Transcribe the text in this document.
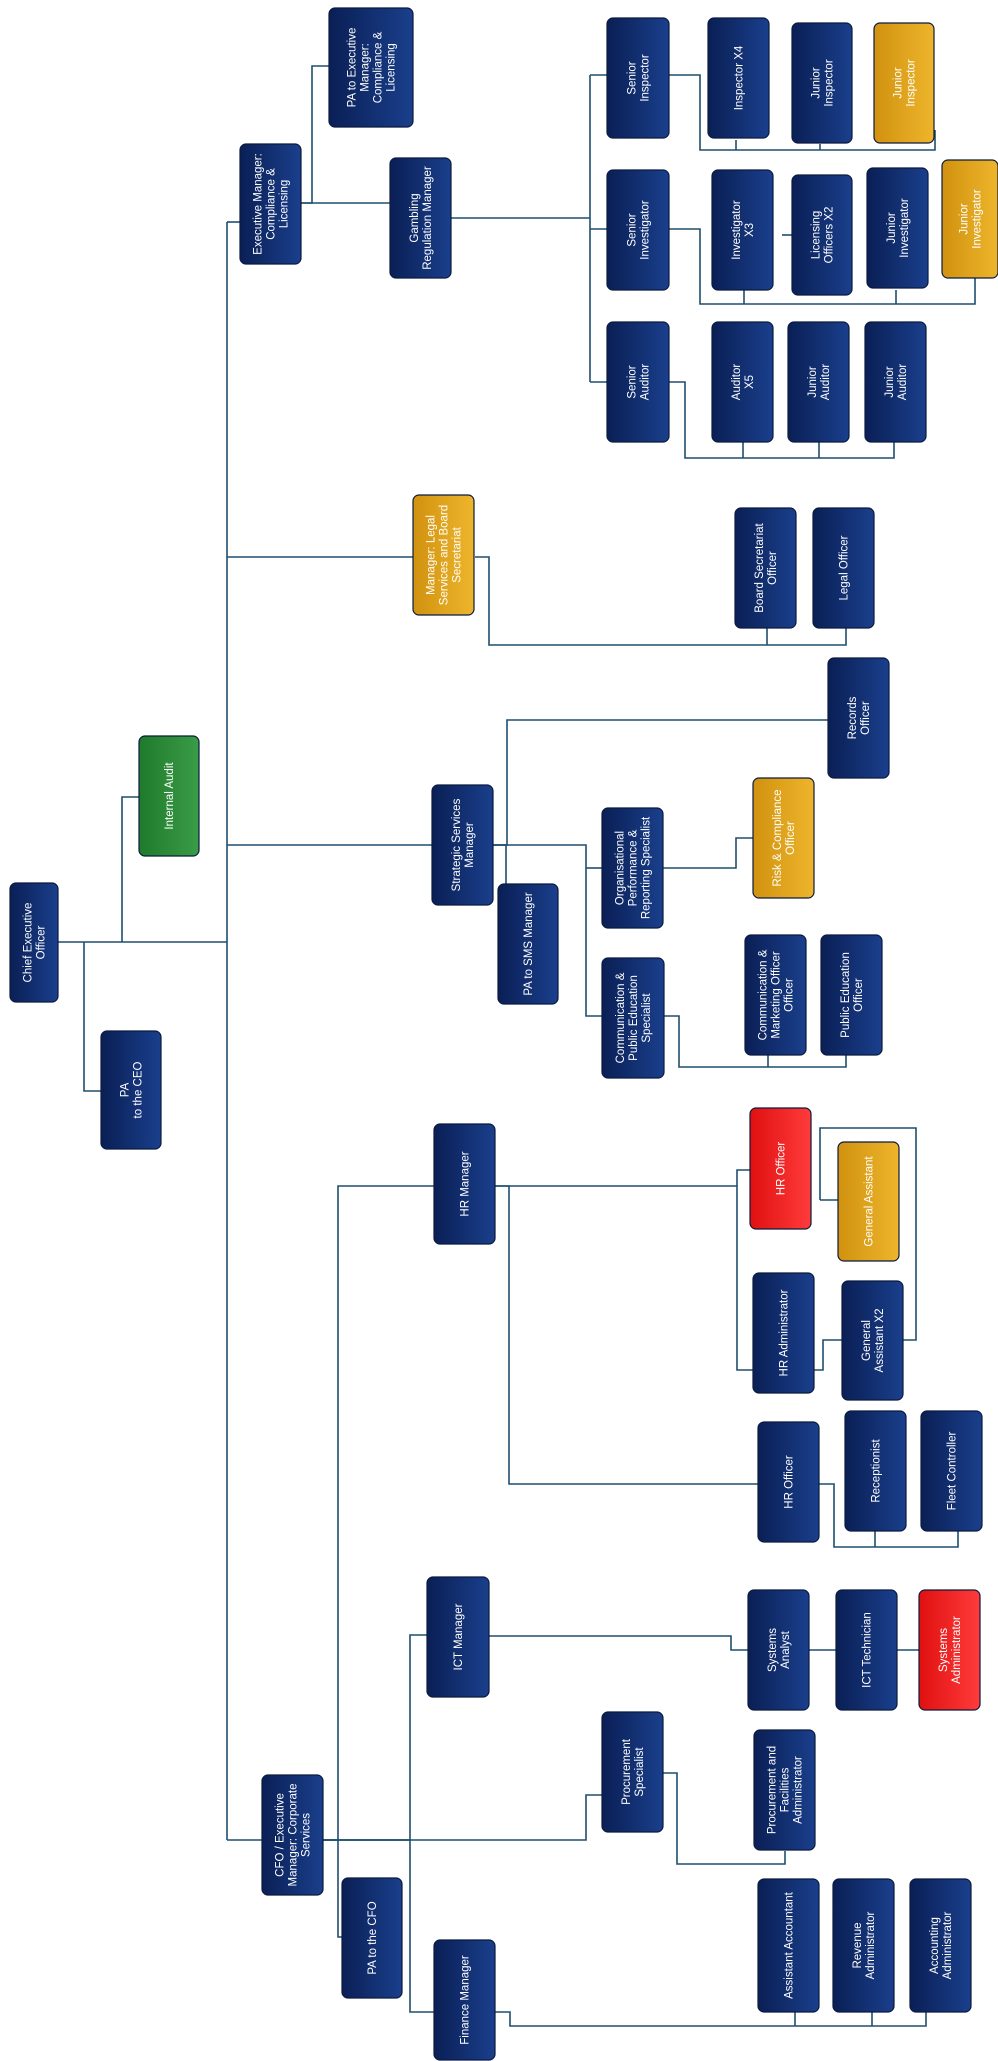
Chief ExecutiveOfficer
PAto the CEO
Internal Audit
Executive Manager:Compliance &Licensing
PA to ExecutiveManager:Compliance &Licensing
GamblingRegulation Manager
SeniorInspector	Inspector X4	JuniorInspector	JuniorInspector
SeniorInvestigator	InvestigatorX3	LicensingOfficers X2	JuniorInvestigator	JuniorInvestigator
SeniorAuditor	AuditorX5	JuniorAuditor	JuniorAuditor
Manager: LegalServices and BoardSecretariat	Board SecretariatOfficer	Legal Officer
Strategic ServicesManager
PA to SMS Manager
RecordsOfficer
OrganisationalPerformance &Reporting Specialist	Risk & ComplianceOfficer
Communication &Public EducationSpecialist	Communication &Marketing OfficerOfficer	Public EducationOfficer
HR Manager	HR Officer	General Assistant
HR Administrator	GeneralAssistant X2
HR Officer	Receptionist	Fleet Controller
ICT Manager	SystemsAnalyst	ICT Technician	SystemsAdministrator
CFO / ExecutiveManager: CorporateServices
ProcurementSpecialist	Procurement andFacilitiesAdministrator
PA to the CFO
Finance Manager
Assistant Accountant	RevenueAdministrator	AccountingAdministrator
